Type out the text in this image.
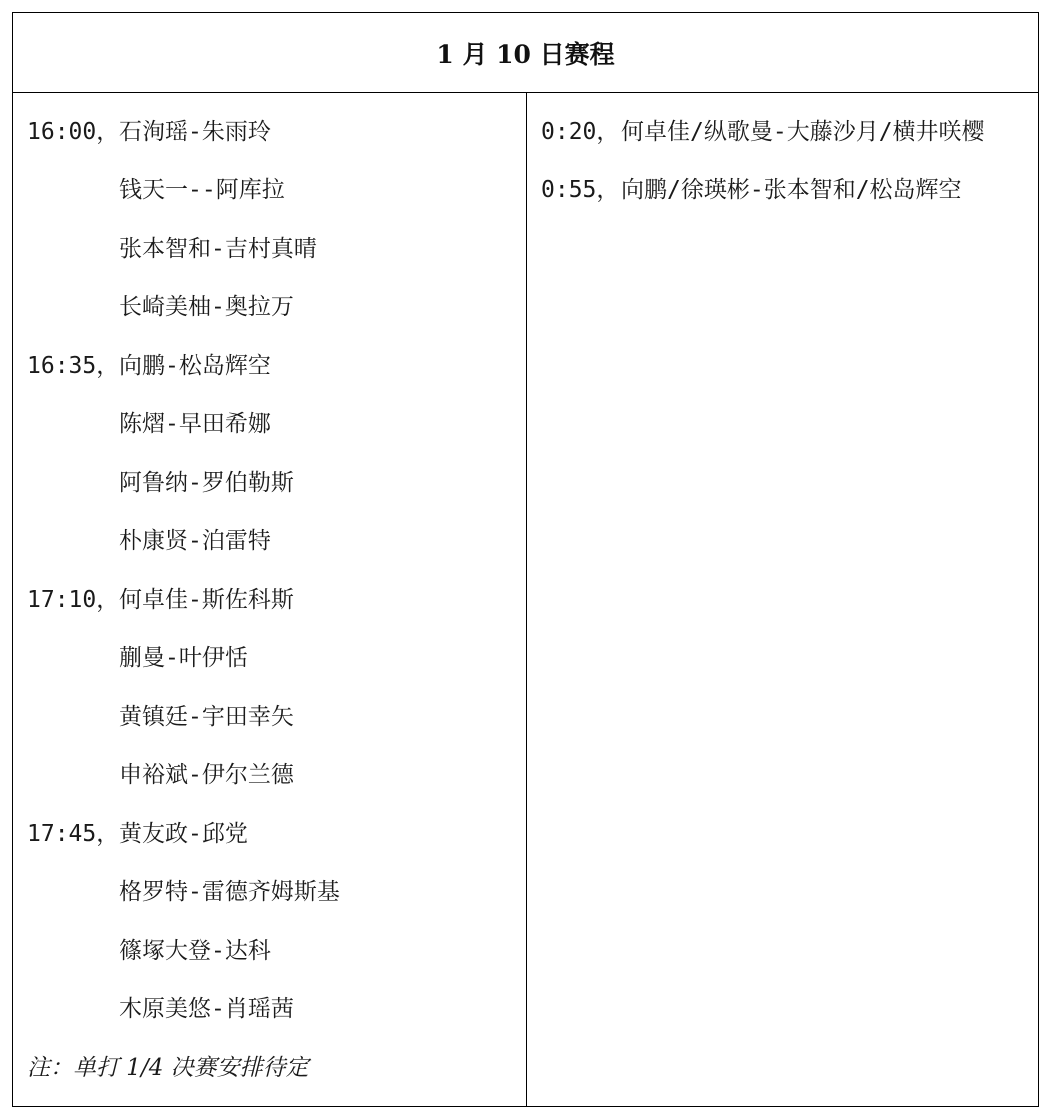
1 月 10 日赛程
16:00，石洵瑶-朱雨玲
钱天一--阿库拉
张本智和-吉村真晴
长崎美柚-奥拉万
16:35，向鹏-松岛辉空
陈熠-早田希娜
阿鲁纳-罗伯勒斯
朴康贤-泊雷特
17:10，何卓佳-斯佐科斯
蒯曼-叶伊恬
黄镇廷-宇田幸矢
申裕斌-伊尔兰德
17:45，黄友政-邱党
格罗特-雷德齐姆斯基
篠塚大登-达科
木原美悠-肖瑶茜
注：单打 1/4 决赛安排待定
0:20，何卓佳/纵歌曼-大藤沙月/横井咲樱
0:55，向鹏/徐瑛彬-张本智和/松岛辉空
